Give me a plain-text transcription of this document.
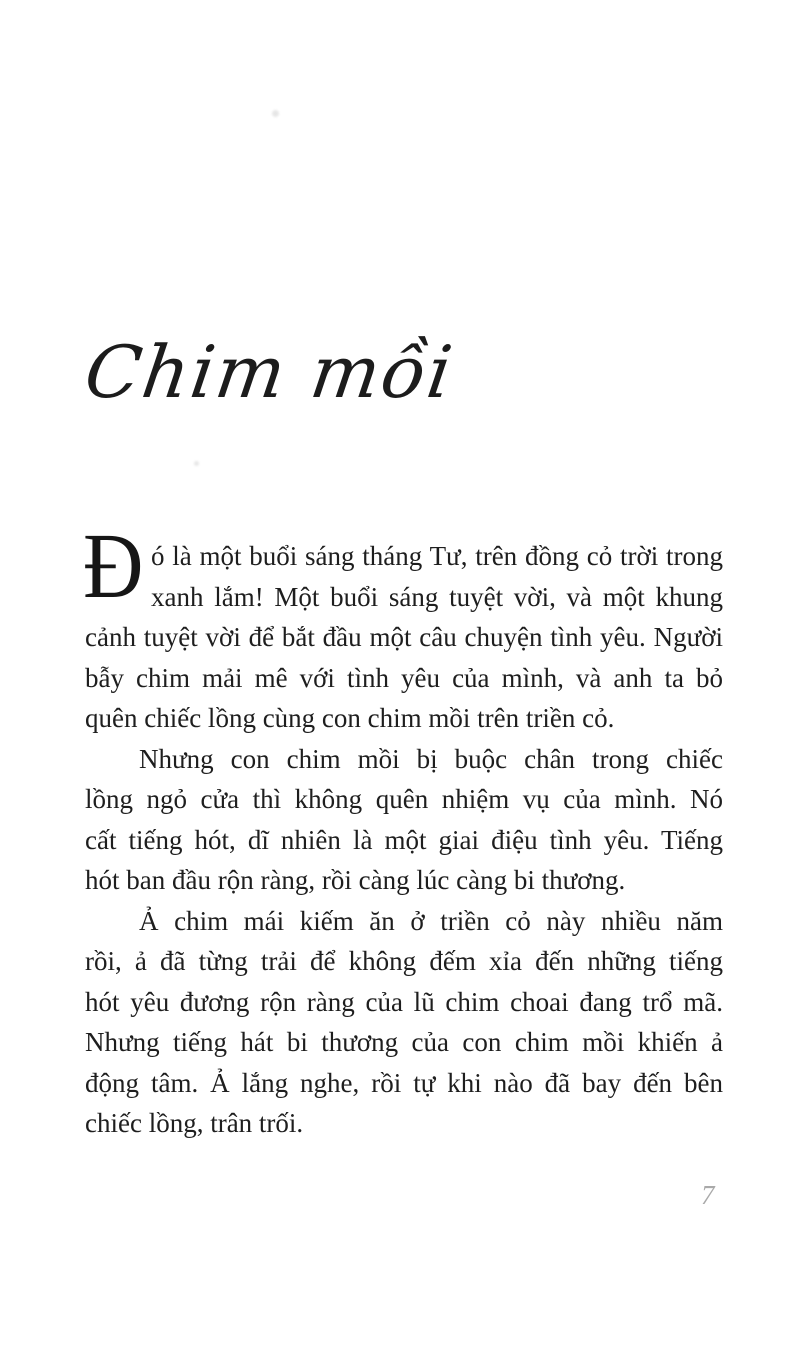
Chim mồi
Đ ó là một buổi sáng tháng Tư, trên đồng cỏ trời trong
xanh lắm! Một buổi sáng tuyệt vời, và một khung
cảnh tuyệt vời để bắt đầu một câu chuyện tình yêu. Người
bẫy chim mải mê với tình yêu của mình, và anh ta bỏ
quên chiếc lồng cùng con chim mồi trên triền cỏ.
Nhưng con chim mồi bị buộc chân trong chiếc
lồng ngỏ cửa thì không quên nhiệm vụ của mình. Nó
cất tiếng hót, dĩ nhiên là một giai điệu tình yêu. Tiếng
hót ban đầu rộn ràng, rồi càng lúc càng bi thương.
Ả chim mái kiếm ăn ở triền cỏ này nhiều năm
rồi, ả đã từng trải để không đếm xỉa đến những tiếng
hót yêu đương rộn ràng của lũ chim choai đang trổ mã.
Nhưng tiếng hát bi thương của con chim mồi khiến ả
động tâm. Ả lắng nghe, rồi tự khi nào đã bay đến bên
chiếc lồng, trân trối.
7
